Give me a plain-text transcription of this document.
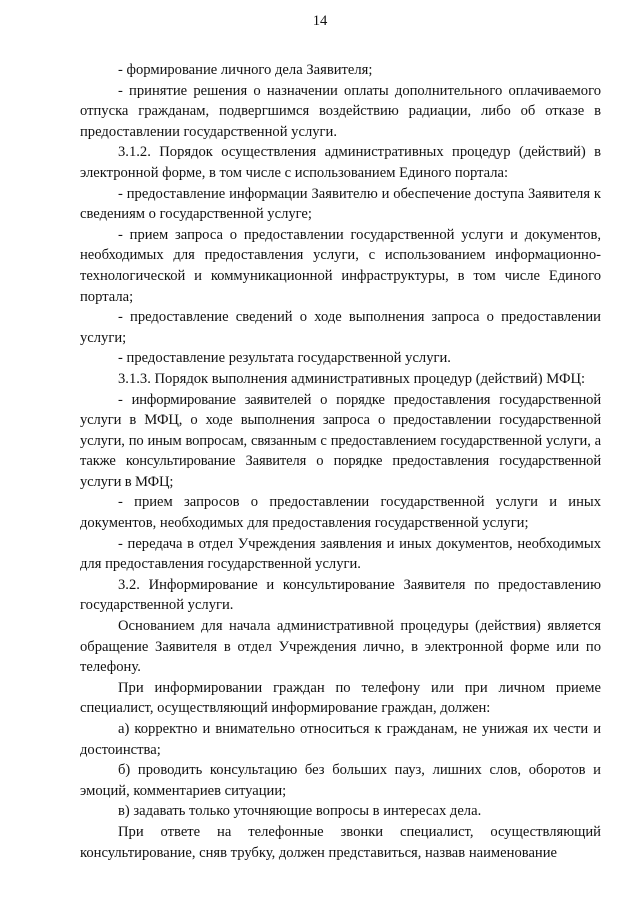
14

- формирование личного дела Заявителя;

- принятие решения о назначении оплаты дополнительного оплачиваемого отпуска гражданам, подвергшимся воздействию радиации, либо об отказе в предоставлении государственной услуги.

3.1.2. Порядок осуществления административных процедур (действий) в электронной форме, в том числе с использованием Единого портала:

- предоставление информации Заявителю и обеспечение доступа Заявителя к сведениям о государственной услуге;

- прием запроса о предоставлении государственной услуги и документов, необходимых для предоставления услуги, с использованием информационно-технологической и коммуникационной инфраструктуры, в том числе Единого портала;

- предоставление сведений о ходе выполнения запроса о предоставлении услуги;

- предоставление результата государственной услуги.

3.1.3. Порядок выполнения административных процедур (действий) МФЦ:

- информирование заявителей о порядке предоставления государственной услуги в МФЦ, о ходе выполнения запроса о предоставлении государственной услуги, по иным вопросам, связанным с предоставлением государственной услуги, а также консультирование Заявителя о порядке предоставления государственной услуги в МФЦ;

- прием запросов о предоставлении государственной услуги и иных документов, необходимых для предоставления государственной услуги;

- передача в отдел Учреждения заявления и иных документов, необходимых для предоставления государственной услуги.

3.2. Информирование и консультирование Заявителя по предоставлению государственной услуги.

Основанием для начала административной процедуры (действия) является обращение Заявителя в отдел Учреждения лично, в электронной форме или по телефону.

При информировании граждан по телефону или при личном приеме специалист, осуществляющий информирование граждан, должен:

а) корректно и внимательно относиться к гражданам, не унижая их чести и достоинства;

б) проводить консультацию без больших пауз, лишних слов, оборотов и эмоций, комментариев ситуации;

в) задавать только уточняющие вопросы в интересах дела.

При ответе на телефонные звонки специалист, осуществляющий консультирование, сняв трубку, должен представиться, назвав наименование
